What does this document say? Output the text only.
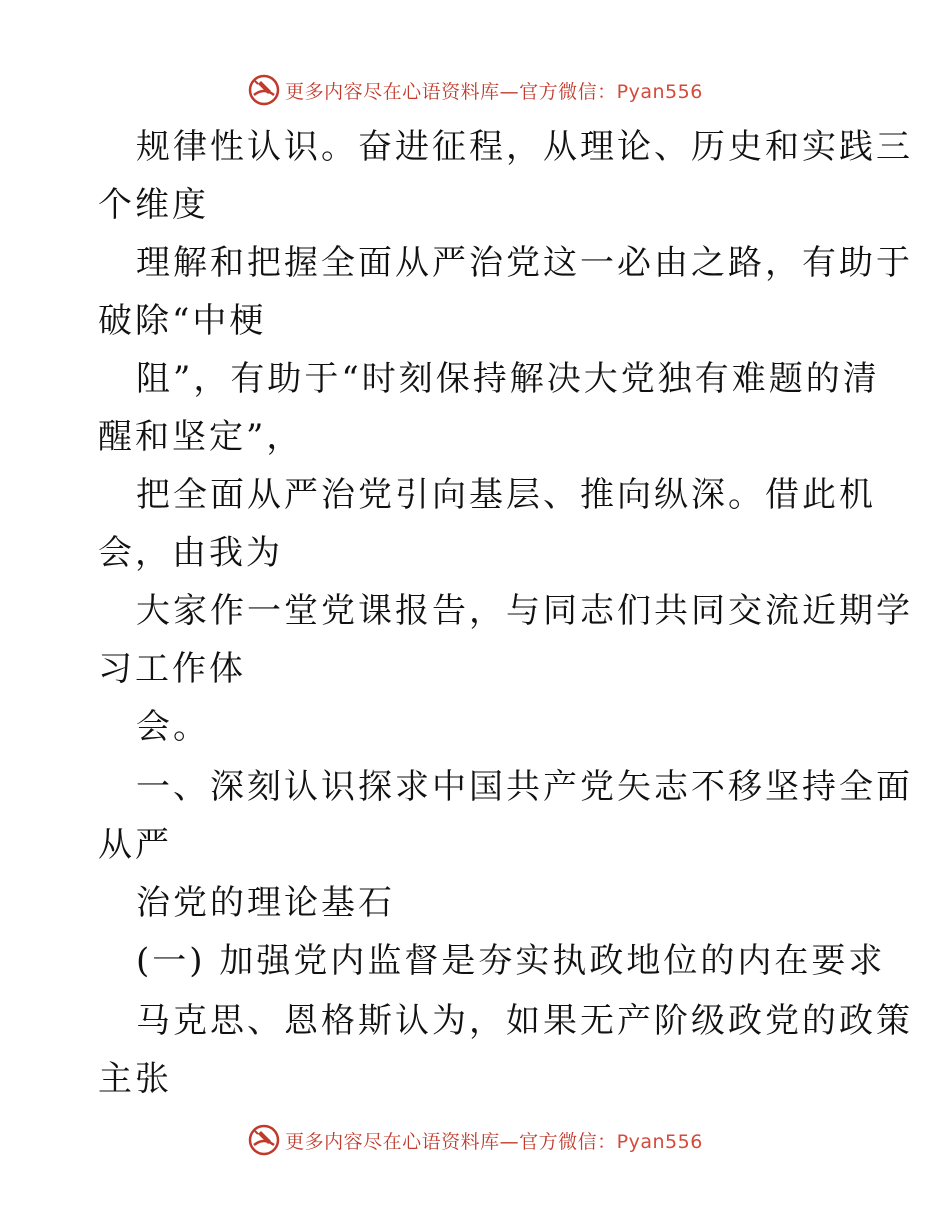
更多内容尽在心语资料库—官方微信：Pyan556
规律性认识。奋进征程，从理论、历史和实践三
个维度
理解和把握全面从严治党这一必由之路，有助于
破除“中梗
阻”，有助于“时刻保持解决大党独有难题的清
醒和坚定”，
把全面从严治党引向基层、推向纵深。借此机
会，由我为
大家作一堂党课报告，与同志们共同交流近期学
习工作体
会。
一、深刻认识探求中国共产党矢志不移坚持全面
从严
治党的理论基石
(一) 加强党内监督是夯实执政地位的内在要求
马克思、恩格斯认为，如果无产阶级政党的政策
主张
更多内容尽在心语资料库—官方微信：Pyan556
